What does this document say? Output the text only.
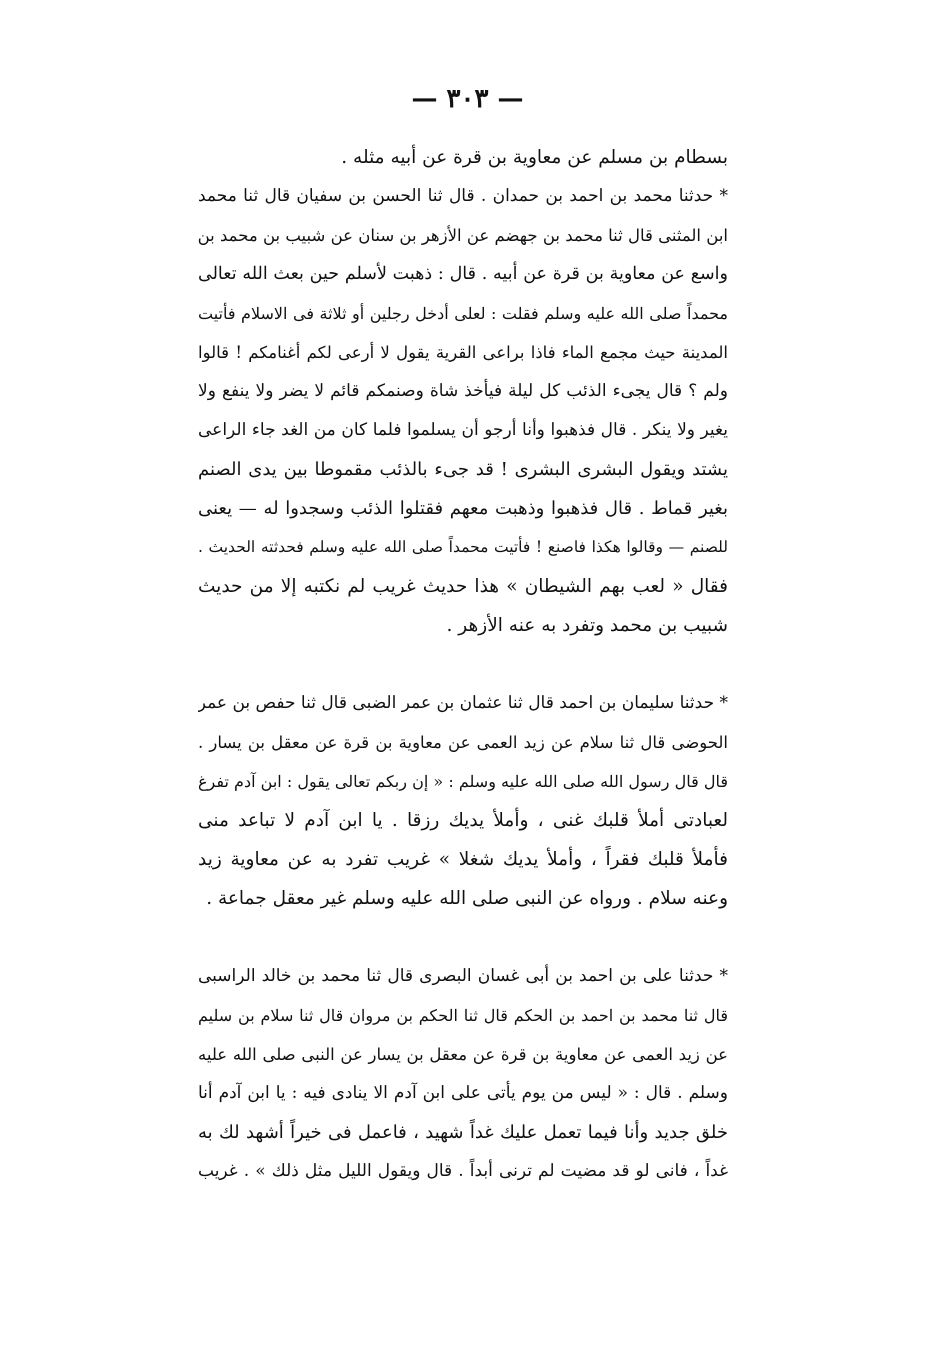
— ٣٠٣ —
بسطام بن مسلم عن معاوية بن قرة عن أبيه مثله .
* حدثنا محمد بن احمد بن حمدان . قال ثنا الحسن بن سفيان قال ثنا محمد
ابن المثنى قال ثنا محمد بن جهضم عن الأزهر بن سنان عن شبيب بن محمد بن
واسع عن معاوية بن قرة عن أبيه . قال : ذهبت لأسلم حين بعث الله تعالى
محمداً صلى الله عليه وسلم فقلت : لعلى أدخل رجلين أو ثلاثة فى الاسلام فأتيت
المدينة حيث مجمع الماء فاذا براعى القرية يقول لا أرعى لكم أغنامكم ! قالوا
ولم ؟ قال يجىء الذئب كل ليلة فيأخذ شاة وصنمكم قائم لا يضر ولا ينفع ولا
يغير ولا ينكر . قال فذهبوا وأنا أرجو أن يسلموا فلما كان من الغد جاء الراعى
يشتد ويقول البشرى البشرى ! قد جىء بالذئب مقموطا بين يدى الصنم
بغير قماط . قال فذهبوا وذهبت معهم فقتلوا الذئب وسجدوا له — يعنى
للصنم — وقالوا هكذا فاصنع ! فأتيت محمداً صلى الله عليه وسلم فحدثته الحديث .
فقال « لعب بهم الشيطان » هذا حديث غريب لم نكتبه إلا من حديث
شبيب بن محمد وتفرد به عنه الأزهر .
* حدثنا سليمان بن احمد قال ثنا عثمان بن عمر الضبى قال ثنا حفص بن عمر
الحوضى قال ثنا سلام عن زيد العمى عن معاوية بن قرة عن معقل بن يسار .
قال قال رسول الله صلى الله عليه وسلم : « إن ربكم تعالى يقول : ابن آدم تفرغ
لعبادتى أملأ قلبك غنى ، وأملأ يديك رزقا . يا ابن آدم لا تباعد منى
فأملأ قلبك فقراً ، وأملأ يديك شغلا » غريب تفرد به عن معاوية زيد
وعنه سلام . ورواه عن النبى صلى الله عليه وسلم غير معقل جماعة .
* حدثنا على بن احمد بن أبى غسان البصرى قال ثنا محمد بن خالد الراسبى
قال ثنا محمد بن احمد بن الحكم قال ثنا الحكم بن مروان قال ثنا سلام بن سليم
عن زيد العمى عن معاوية بن قرة عن معقل بن يسار عن النبى صلى الله عليه
وسلم . قال : « ليس من يوم يأتى على ابن آدم الا ينادى فيه : يا ابن آدم أنا
خلق جديد وأنا فيما تعمل عليك غداً شهيد ، فاعمل فى خيراً أشهد لك به
غداً ، فانى لو قد مضيت لم ترنى أبداً . قال ويقول الليل مثل ذلك » . غريب
